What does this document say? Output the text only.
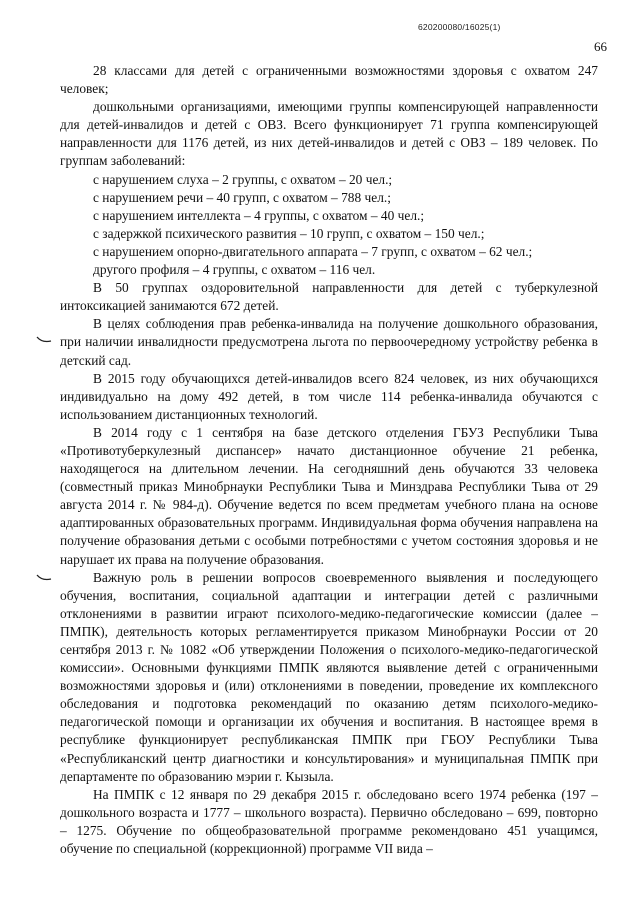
620200080/16025(1)
66

28 классами для детей с ограниченными возможностями здоровья с охватом 247 человек;

дошкольными организациями, имеющими группы компенсирующей направленности для детей-инвалидов и детей с ОВЗ. Всего функционирует 71 группа компенсирующей направленности для 1176 детей, из них детей-инвалидов и детей с ОВЗ – 189 человек. По группам заболеваний:

с нарушением слуха – 2 группы, с охватом – 20 чел.;

с нарушением речи – 40 групп, с охватом – 788 чел.;

с нарушением интеллекта – 4 группы, с охватом – 40 чел.;

с задержкой психического развития – 10 групп, с охватом – 150 чел.;

с нарушением опорно-двигательного аппарата – 7 групп, с охватом – 62 чел.;

другого профиля – 4 группы, с охватом – 116 чел.

В 50 группах оздоровительной направленности для детей с туберкулезной интоксикацией занимаются 672 детей.

В целях соблюдения прав ребенка-инвалида на получение дошкольного образования, при наличии инвалидности предусмотрена льгота по первоочередному устройству ребенка в детский сад.

В 2015 году обучающихся детей-инвалидов всего 824 человек, из них обучающихся индивидуально на дому 492 детей, в том числе 114 ребенка-инвалида обучаются с использованием дистанционных технологий.

В 2014 году с 1 сентября на базе детского отделения ГБУЗ Республики Тыва «Противотуберкулезный диспансер» начато дистанционное обучение 21 ребенка, находящегося на длительном лечении. На сегодняшний день обучаются 33 человека (совместный приказ Минобрнауки Республики Тыва и Минздрава Республики Тыва от 29 августа 2014 г. № 984-д). Обучение ведется по всем предметам учебного плана на основе адаптированных образовательных программ. Индивидуальная форма обучения направлена на получение образования детьми с особыми потребностями с учетом состояния здоровья и не нарушает их права на получение образования.

Важную роль в решении вопросов своевременного выявления и последующего обучения, воспитания, социальной адаптации и интеграции детей с различными отклонениями в развитии играют психолого-медико-педагогические комиссии (далее – ПМПК), деятельность которых регламентируется приказом Минобрнауки России от 20 сентября 2013 г. № 1082 «Об утверждении Положения о психолого-медико-педагогической комиссии». Основными функциями ПМПК являются выявление детей с ограниченными возможностями здоровья и (или) отклонениями в поведении, проведение их комплексного обследования и подготовка рекомендаций по оказанию детям психолого-медико-педагогической помощи и организации их обучения и воспитания. В настоящее время в республике функционирует республиканская ПМПК при ГБОУ Республики Тыва «Республиканский центр диагностики и консультирования» и муниципальная ПМПК при департаменте по образованию мэрии г. Кызыла.

На ПМПК с 12 января по 29 декабря 2015 г. обследовано всего 1974 ребенка (197 – дошкольного возраста и 1777 – школьного возраста). Первично обследовано – 699, повторно – 1275. Обучение по общеобразовательной программе рекомендовано 451 учащимся, обучение по специальной (коррекционной) программе VII вида –
